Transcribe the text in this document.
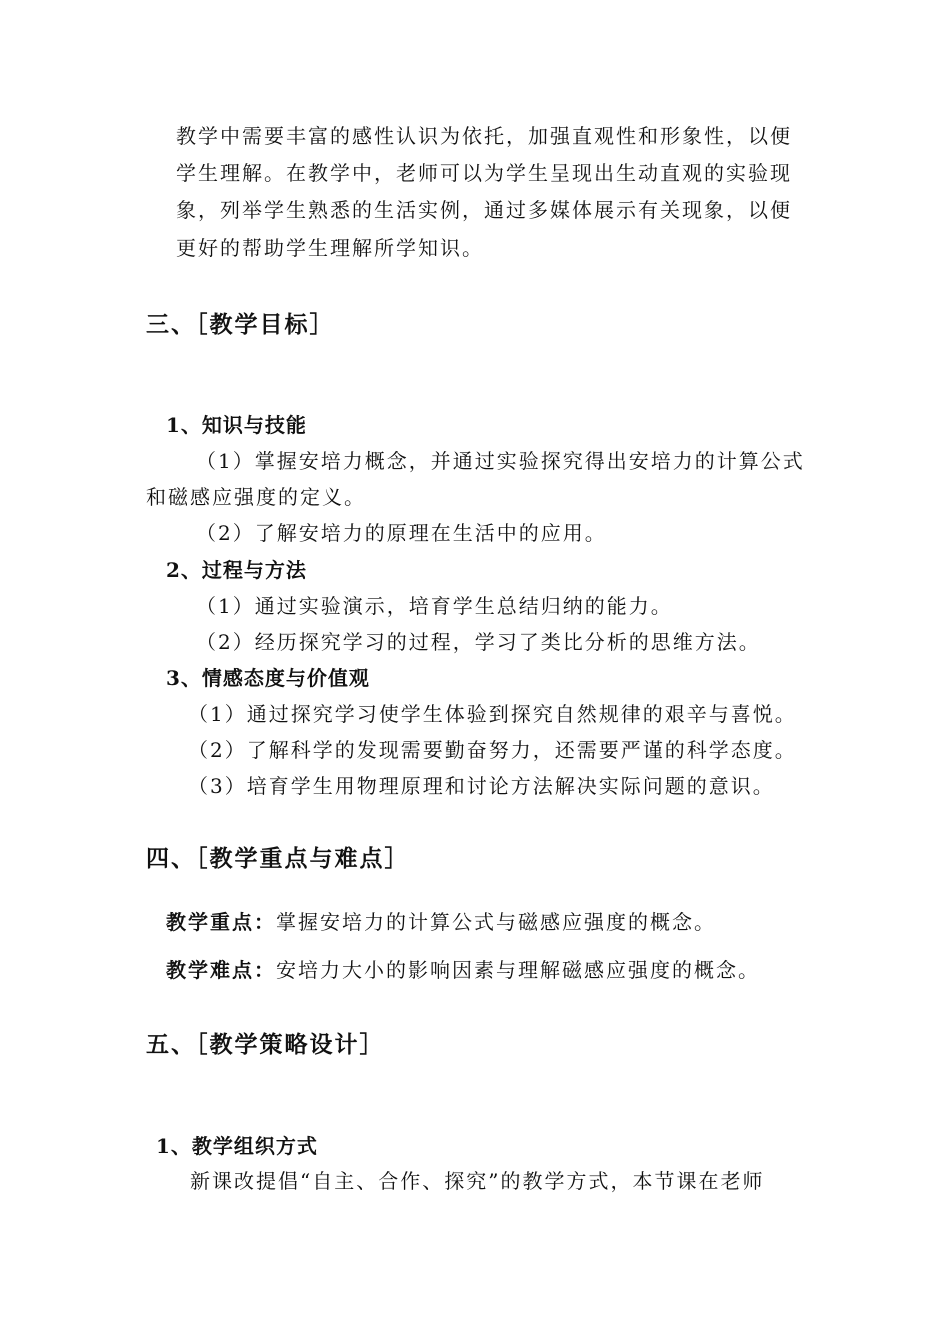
教学中需要丰富的感性认识为依托，加强直观性和形象性，以便
学生理解。在教学中，老师可以为学生呈现出生动直观的实验现
象，列举学生熟悉的生活实例，通过多媒体展示有关现象，以便
更好的帮助学生理解所学知识。
三、［教学目标］
1、知识与技能
（1）掌握安培力概念，并通过实验探究得出安培力的计算公式
和磁感应强度的定义。
（2）了解安培力的原理在生活中的应用。
2、过程与方法
（1）通过实验演示，培育学生总结归纳的能力。
（2）经历探究学习的过程，学习了类比分析的思维方法。
3、情感态度与价值观
（1）通过探究学习使学生体验到探究自然规律的艰辛与喜悦。
（2）了解科学的发现需要勤奋努力，还需要严谨的科学态度。
（3）培育学生用物理原理和讨论方法解决实际问题的意识。
四、［教学重点与难点］
教学重点：掌握安培力的计算公式与磁感应强度的概念。
教学难点：安培力大小的影响因素与理解磁感应强度的概念。
五、［教学策略设计］
1、教学组织方式
新课改提倡“自主、合作、探究”的教学方式，本节课在老师
